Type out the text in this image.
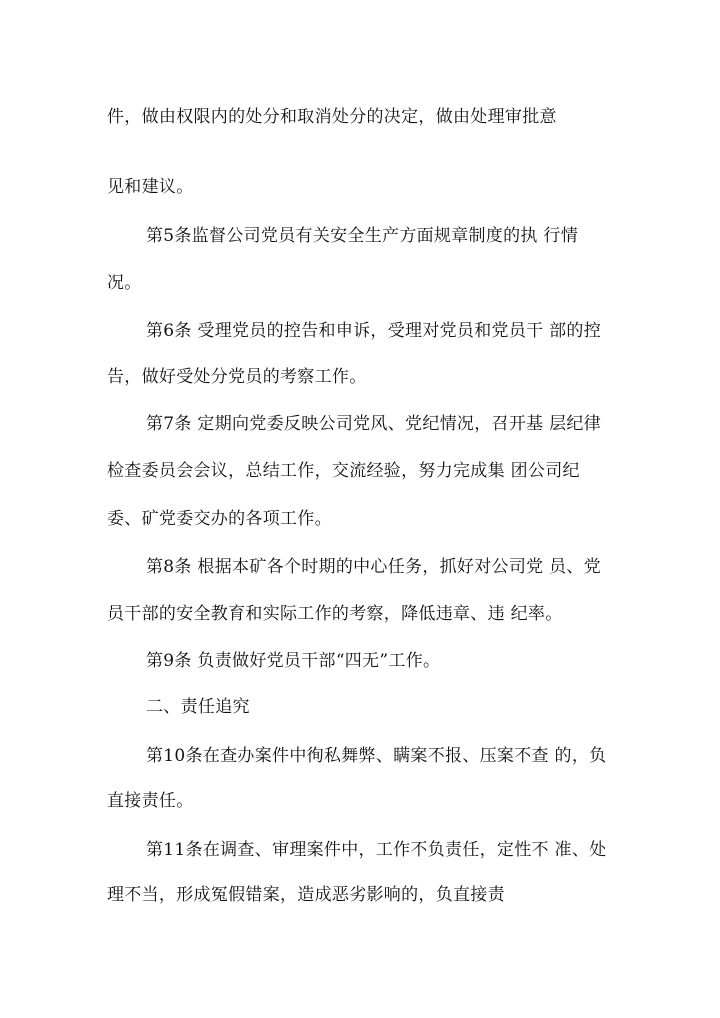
件，做由权限内的处分和取消处分的决定，做由处理审批意
见和建议。
第5条监督公司党员有关安全生产方面规章制度的执 行情
况。
第6条 受理党员的控告和申诉，受理对党员和党员干 部的控
告，做好受处分党员的考察工作。
第7条 定期向党委反映公司党风、党纪情况，召开基 层纪律
检查委员会会议，总结工作，交流经验，努力完成集 团公司纪
委、矿党委交办的各项工作。
第8条 根据本矿各个时期的中心任务，抓好对公司党 员、党
员干部的安全教育和实际工作的考察，降低违章、违 纪率。
第9条 负责做好党员干部“四无”工作。
二、责任追究
第10条在查办案件中徇私舞弊、瞒案不报、压案不查 的，负
直接责任。
第11条在调查、审理案件中，工作不负责任，定性不 准、处
理不当，形成冤假错案，造成恶劣影响的，负直接责
